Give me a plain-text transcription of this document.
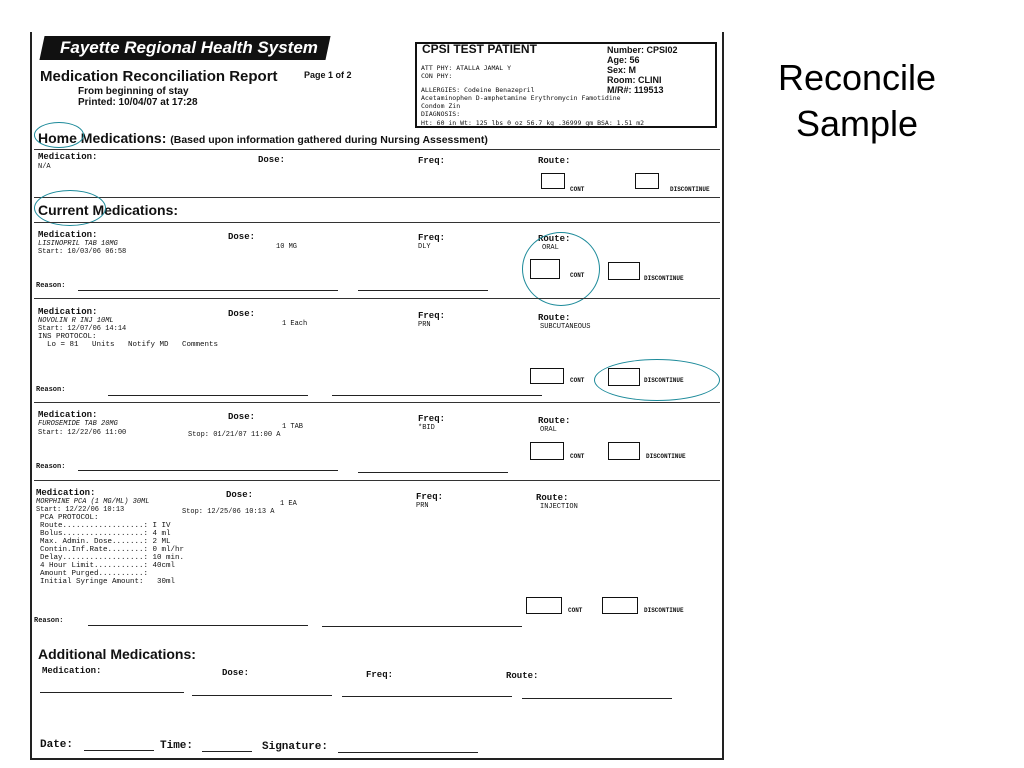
Reconcile
Sample
Fayette Regional Health System
Medication Reconciliation Report	Page 1 of 2
From beginning of stay
Printed: 10/04/07 at 17:28
CPSI TEST PATIENT	Number: CPSI02
Age: 56
Sex: M
Room: CLINI
M/R#: 119513
ATT PHY: ATALLA JAMAL Y
CON PHY:
ALLERGIES: Codeine Benazepril
Acetaminophen D-amphetamine Erythromycin Famotidine
Condom Zin
DIAGNOSIS:
Ht: 60 in Wt: 125 lbs 0 oz 56.7 kg .36999 gm BSA: 1.51 m2
Home Medications: (Based upon information gathered during Nursing Assessment)
Medication:
N/A
Dose:	Freq:	Route:
CONT	DISCONTINUE
Current Medications:
Medication:
LISINOPRIL TAB 10MG
Start: 10/03/06 06:58
Dose:
10 MG
Freq:
DLY
Route:
ORAL
CONT	DISCONTINUE
Reason:
Medication:
NOVOLIN R INJ 10ML
Start: 12/07/06 14:14
INS PROTOCOL:
Lo = 81   Units   Notify MD   Comments
Dose:
1 Each
Freq:
PRN
Route:
SUBCUTANEOUS
CONT	DISCONTINUE
Reason:
Medication:
FUROSEMIDE TAB 20MG
Start: 12/22/06 11:00
Dose:
1 TAB
Stop: 01/21/07 11:00 A
Freq:
*BID
Route:
ORAL
CONT	DISCONTINUE
Reason:
Medication:
MORPHINE PCA (1 MG/ML) 30ML
Start: 12/22/06 10:13
PCA PROTOCOL:
Route..................: I IV
Bolus..................: 4 ml
Max. Admin. Dose.......: 2 ML
Contin.Inf.Rate........: 0 ml/hr
Delay..................: 10 min.
4 Hour Limit...........: 40cml
Amount Purged..........:
Initial Syringe Amount:   30ml
Dose:
1 EA
Stop: 12/25/06 10:13 A
Freq:
PRN
Route:
INJECTION
CONT	DISCONTINUE
Reason:
Additional Medications:
Medication:	Dose:	Freq:	Route:
Date:	Time:	Signature:
